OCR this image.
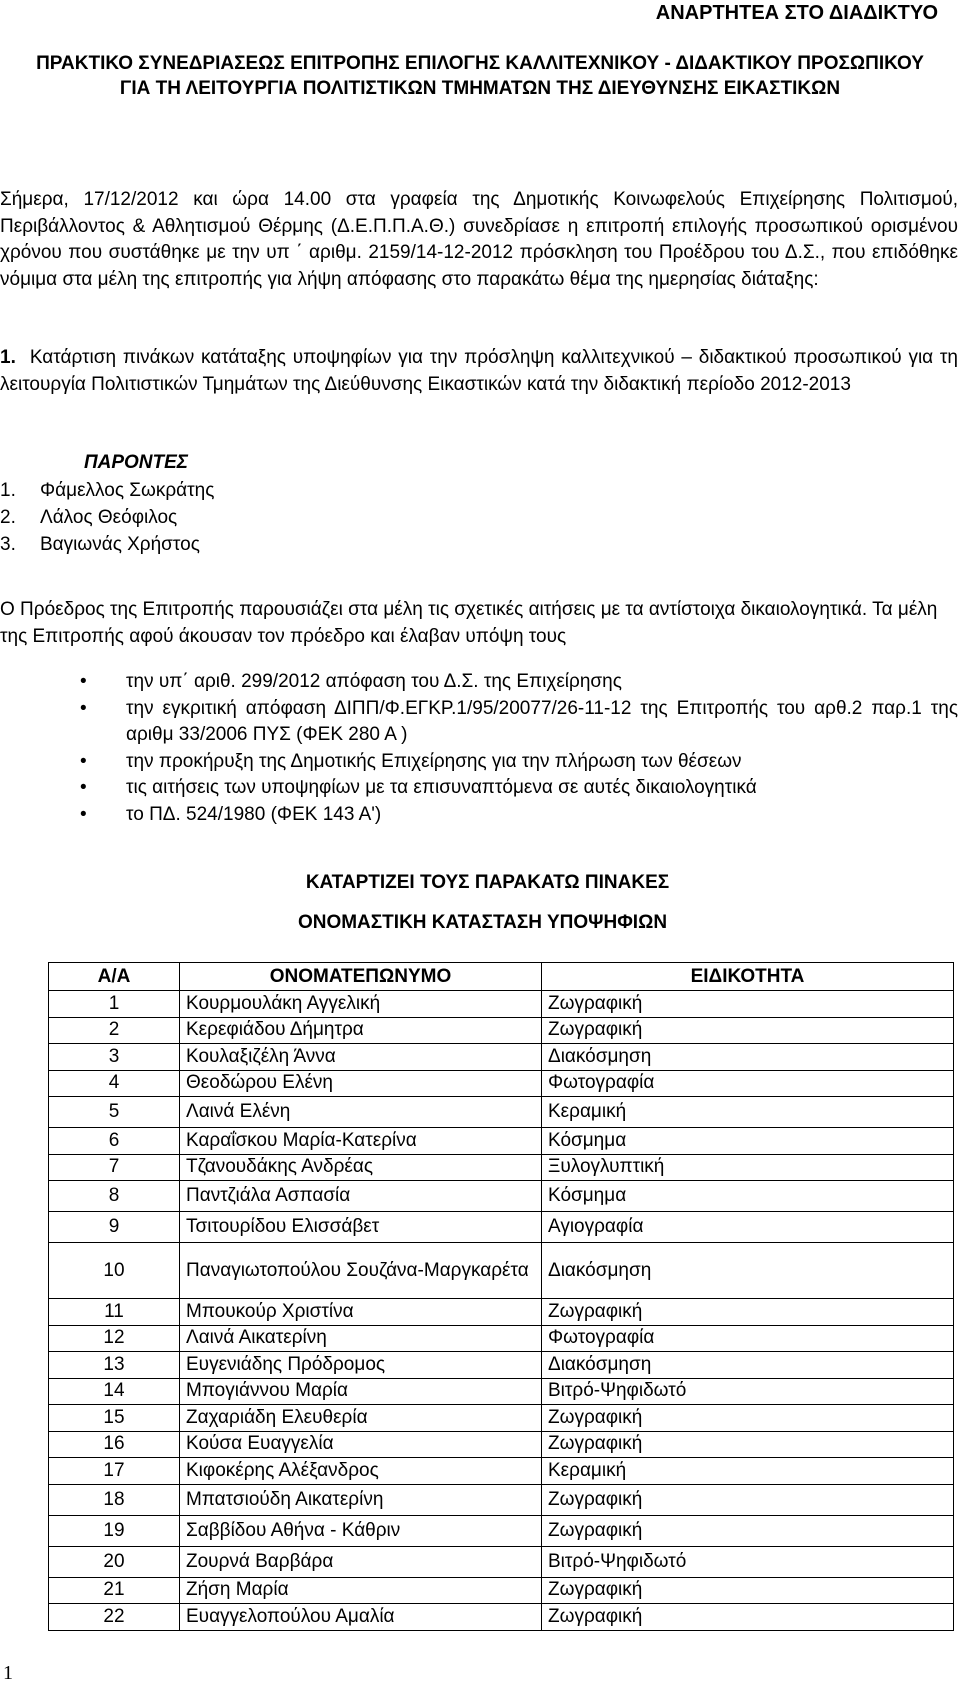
ΑΝΑΡΤΗΤΕΑ ΣΤΟ ΔΙΑΔΙΚΤΥΟ
ΠΡΑΚΤΙΚΟ ΣΥΝΕΔΡΙΑΣΕΩΣ ΕΠΙΤΡΟΠΗΣ ΕΠΙΛΟΓΗΣ ΚΑΛΛΙΤΕΧΝΙΚΟΥ - ΔΙΔΑΚΤΙΚΟΥ ΠΡΟΣΩΠΙΚΟΥ ΓΙΑ ΤΗ ΛΕΙΤΟΥΡΓΙΑ ΠΟΛΙΤΙΣΤΙΚΩΝ ΤΜΗΜΑΤΩΝ ΤΗΣ ΔΙΕΥΘΥΝΣΗΣ ΕΙΚΑΣΤΙΚΩΝ
Σήμερα, 17/12/2012 και ώρα 14.00 στα γραφεία της Δημοτικής Κοινωφελούς Επιχείρησης Πολιτισμού, Περιβάλλοντος & Αθλητισμού Θέρμης (Δ.Ε.Π.Π.Α.Θ.) συνεδρίασε η επιτροπή επιλογής προσωπικού ορισμένου χρόνου που συστάθηκε με την υπ ΄ αριθμ. 2159/14-12-2012 πρόσκληση του Προέδρου του Δ.Σ., που επιδόθηκε νόμιμα στα μέλη της επιτροπής για λήψη απόφασης στο παρακάτω θέμα της ημερησίας διάταξης:
1. Κατάρτιση πινάκων κατάταξης υποψηφίων για την πρόσληψη καλλιτεχνικού – διδακτικού προσωπικού για τη λειτουργία Πολιτιστικών Τμημάτων της Διεύθυνσης Εικαστικών κατά την διδακτική περίοδο 2012-2013
ΠΑΡΟΝΤΕΣ
1. Φάμελλος Σωκράτης
2. Λάλος Θεόφιλος
3. Βαγιωνάς Χρήστος
Ο Πρόεδρος της Επιτροπής παρουσιάζει στα μέλη τις σχετικές αιτήσεις με τα αντίστοιχα δικαιολογητικά. Τα μέλη της Επιτροπής αφού άκουσαν τον πρόεδρο και έλαβαν υπόψη τους
• την υπ΄ αριθ. 299/2012 απόφαση του Δ.Σ. της Επιχείρησης
• την εγκριτική απόφαση ΔΙΠΠ/Φ.ΕΓΚΡ.1/95/20077/26-11-12 της Επιτροπής του αρθ.2 παρ.1 της αριθμ 33/2006 ΠΥΣ (ΦΕΚ 280 Α )
• την προκήρυξη της Δημοτικής Επιχείρησης για την πλήρωση των θέσεων
• τις αιτήσεις των υποψηφίων με τα επισυναπτόμενα σε αυτές δικαιολογητικά
• το ΠΔ. 524/1980 (ΦΕΚ 143 Α')
ΚΑΤΑΡΤΙΖΕΙ ΤΟΥΣ ΠΑΡΑΚΑΤΩ ΠΙΝΑΚΕΣ
ΟΝΟΜΑΣΤΙΚΗ ΚΑΤΑΣΤΑΣΗ ΥΠΟΨΗΦΙΩΝ
Α/Α	ΟΝΟΜΑΤΕΠΩΝΥΜΟ	ΕΙΔΙΚΟΤΗΤΑ
1	Κουρμουλάκη Αγγελική	Ζωγραφική
2	Κερεφιάδου Δήμητρα	Ζωγραφική
3	Κουλαξιζέλη Άννα	Διακόσμηση
4	Θεοδώρου Ελένη	Φωτογραφία
5	Λαινά Ελένη	Κεραμική
6	Καραΐσκου Μαρία-Κατερίνα	Κόσμημα
7	Τζανουδάκης Ανδρέας	Ξυλογλυπτική
8	Παντζιάλα Ασπασία	Κόσμημα
9	Τσιτουρίδου Ελισσάβετ	Αγιογραφία
10	Παναγιωτοπούλου Σουζάνα-Μαργκαρέτα	Διακόσμηση
11	Μπουκούρ Χριστίνα	Ζωγραφική
12	Λαινά Αικατερίνη	Φωτογραφία
13	Ευγενιάδης Πρόδρομος	Διακόσμηση
14	Μπογιάννου Μαρία	Βιτρό-Ψηφιδωτό
15	Ζαχαριάδη Ελευθερία	Ζωγραφική
16	Κούσα Ευαγγελία	Ζωγραφική
17	Κιφοκέρης Αλέξανδρος	Κεραμική
18	Μπατσιούδη Αικατερίνη	Ζωγραφική
19	Σαββίδου Αθήνα - Κάθριν	Ζωγραφική
20	Ζουρνά Βαρβάρα	Βιτρό-Ψηφιδωτό
21	Ζήση Μαρία	Ζωγραφική
22	Ευαγγελοπούλου Αμαλία	Ζωγραφική
1
